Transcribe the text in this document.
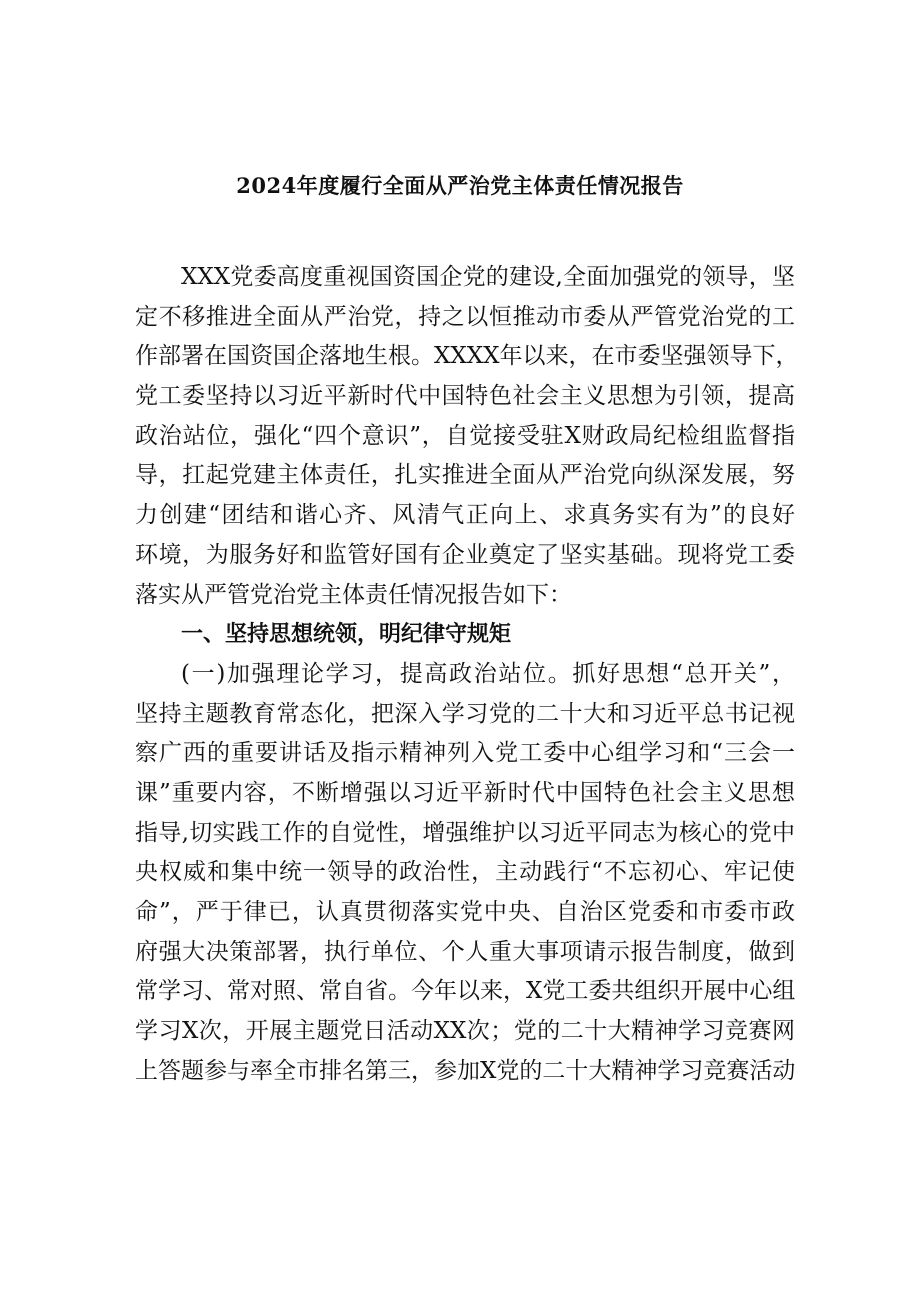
2024年度履行全面从严治党主体责任情况报告
XXX党委高度重视国资国企党的建设,全面加强党的领导，坚
定不移推进全面从严治党，持之以恒推动市委从严管党治党的工
作部署在国资国企落地生根。XXXX年以来，在市委坚强领导下，
党工委坚持以习近平新时代中国特色社会主义思想为引领，提高
政治站位，强化“四个意识”，自觉接受驻X财政局纪检组监督指
导，扛起党建主体责任，扎实推进全面从严治党向纵深发展，努
力创建“团结和谐心齐、风清气正向上、求真务实有为”的良好
环境，为服务好和监管好国有企业奠定了坚实基础。现将党工委
落实从严管党治党主体责任情况报告如下：
一、坚持思想统领，明纪律守规矩
(一)加强理论学习，提高政治站位。抓好思想“总开关”，
坚持主题教育常态化，把深入学习党的二十大和习近平总书记视
察广西的重要讲话及指示精神列入党工委中心组学习和“三会一
课”重要内容，不断增强以习近平新时代中国特色社会主义思想
指导,切实践工作的自觉性，增强维护以习近平同志为核心的党中
央权威和集中统一领导的政治性，主动践行“不忘初心、牢记使
命”，严于律已，认真贯彻落实党中央、自治区党委和市委市政
府强大决策部署，执行单位、个人重大事项请示报告制度，做到
常学习、常对照、常自省。今年以来，X党工委共组织开展中心组
学习X次，开展主题党日活动XX次；党的二十大精神学习竞赛网
上答题参与率全市排名第三，参加X党的二十大精神学习竞赛活动
